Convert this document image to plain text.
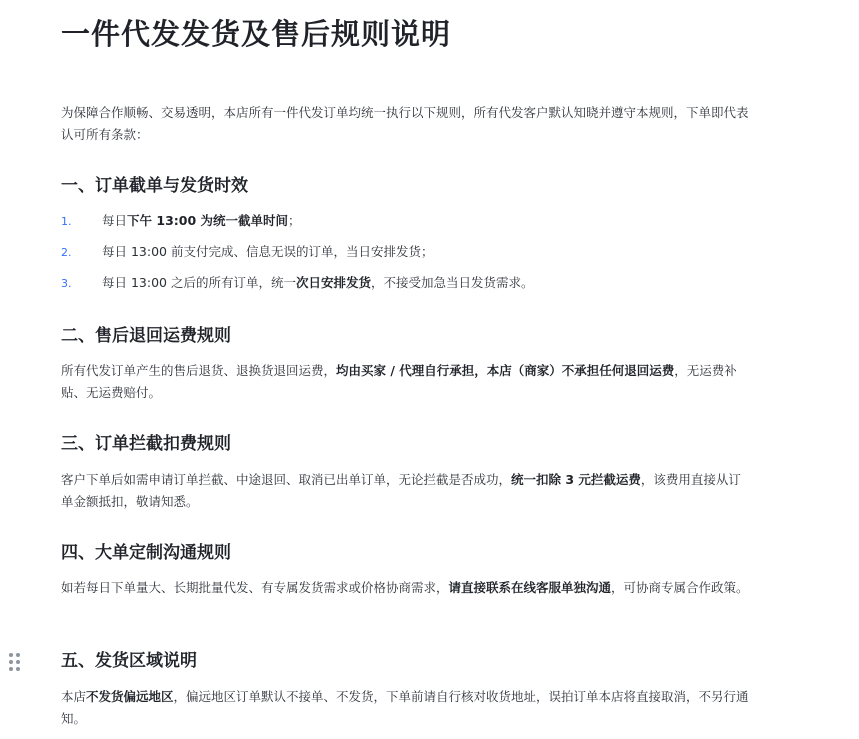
一件代发发货及售后规则说明

为保障合作顺畅、交易透明，本店所有一件代发订单均统一执行以下规则，所有代发客户默认知晓并遵守本规则，下单即代表认可所有条款：

一、订单截单与发货时效
1. 每日下午 13:00 为统一截单时间；
2. 每日 13:00 前支付完成、信息无误的订单，当日安排发货；
3. 每日 13:00 之后的所有订单，统一次日安排发货，不接受加急当日发货需求。
二、售后退回运费规则

所有代发订单产生的售后退货、退换货退回运费，均由买家 / 代理自行承担，本店（商家）不承担任何退回运费，无运费补贴、无运费赔付。

三、订单拦截扣费规则

客户下单后如需申请订单拦截、中途退回、取消已出单订单，无论拦截是否成功，统一扣除 3 元拦截运费，该费用直接从订单金额抵扣，敬请知悉。

四、大单定制沟通规则

如若每日下单量大、长期批量代发、有专属发货需求或价格协商需求，请直接联系在线客服单独沟通，可协商专属合作政策。

五、发货区域说明

本店不发货偏远地区，偏远地区订单默认不接单、不发货，下单前请自行核对收货地址，误拍订单本店将直接取消，不另行通知。
